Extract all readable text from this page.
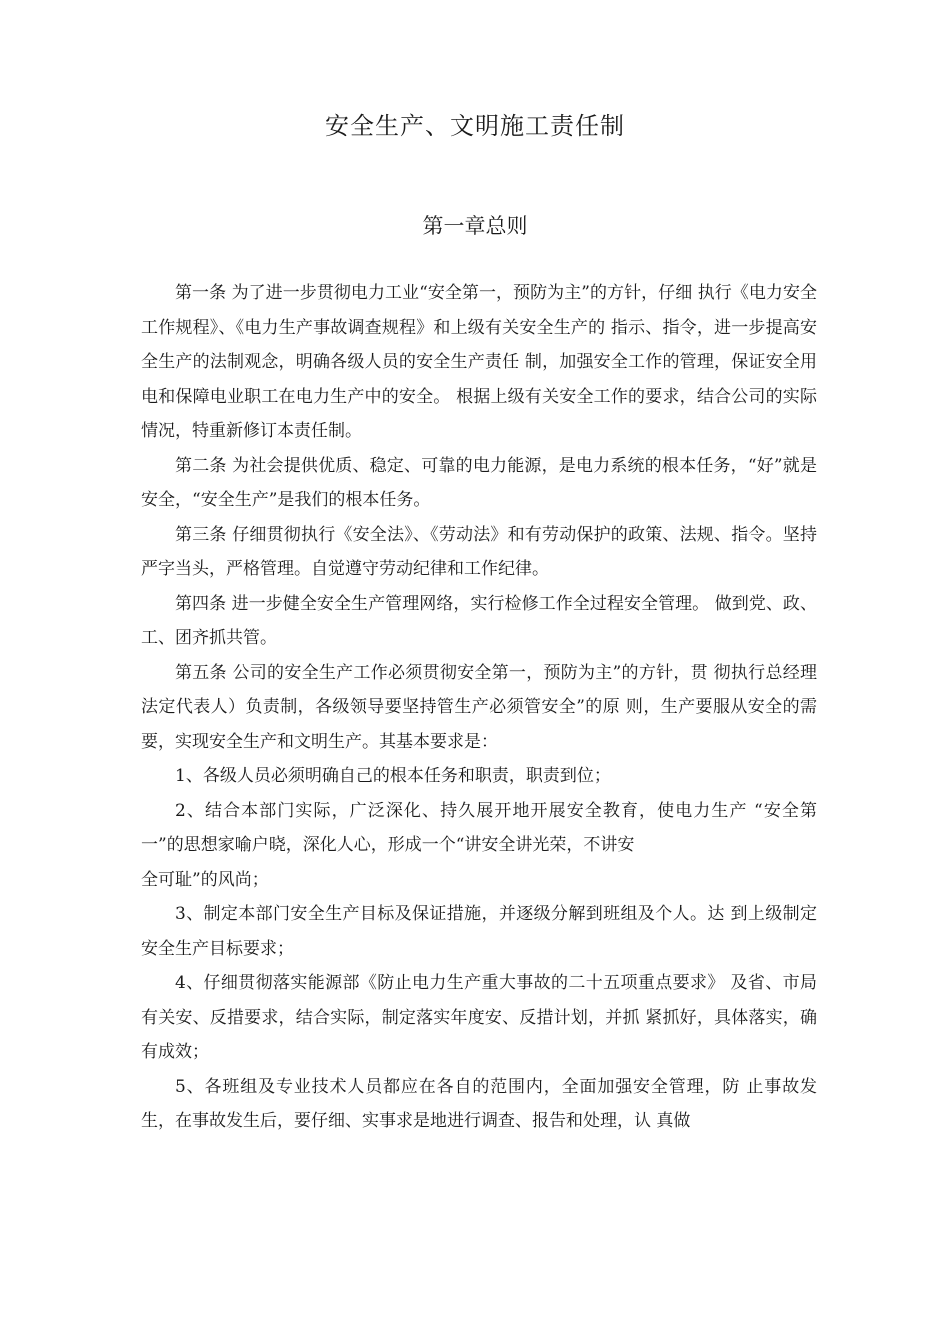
安全生产、文明施工责任制
第一章总则

第一条 为了进一步贯彻电力工业“安全第一，预防为主”的方针，仔细 执行《电力安全工作规程》、《电力生产事故调查规程》和上级有关安全生产的 指示、指令，进一步提高安全生产的法制观念，明确各级人员的安全生产责任 制，加强安全工作的管理，保证安全用电和保障电业职工在电力生产中的安全。 根据上级有关安全工作的要求，结合公司的实际情况，特重新修订本责任制。

第二条 为社会提供优质、稳定、可靠的电力能源，是电力系统的根本任务，“好”就是安全，“安全生产”是我们的根本任务。

第三条 仔细贯彻执行《安全法》、《劳动法》和有劳动保护的政策、法规、指令。坚持严字当头，严格管理。自觉遵守劳动纪律和工作纪律。

第四条 进一步健全安全生产管理网络，实行检修工作全过程安全管理。 做到党、政、工、团齐抓共管。

第五条 公司的安全生产工作必须贯彻安全第一，预防为主”的方针，贯 彻执行总经理法定代表人）负责制，各级领导要坚持管生产必须管安全”的原 则，生产要服从安全的需要，实现安全生产和文明生产。其基本要求是：

1、各级人员必须明确自己的根本任务和职责，职责到位；

2、结合本部门实际，广泛深化、持久展开地开展安全教育，使电力生产 “安全第一”的思想家喻户晓，深化人心，形成一个“讲安全讲光荣，不讲安

全可耻”的风尚；

3、制定本部门安全生产目标及保证措施，并逐级分解到班组及个人。达 到上级制定安全生产目标要求；

4、仔细贯彻落实能源部《防止电力生产重大事故的二十五项重点要求》 及省、市局有关安、反措要求，结合实际，制定落实年度安、反措计划，并抓 紧抓好，具体落实，确有成效；

5、各班组及专业技术人员都应在各自的范围内，全面加强安全管理，防 止事故发生，在事故发生后，要仔细、实事求是地进行调查、报告和处理，认 真做
